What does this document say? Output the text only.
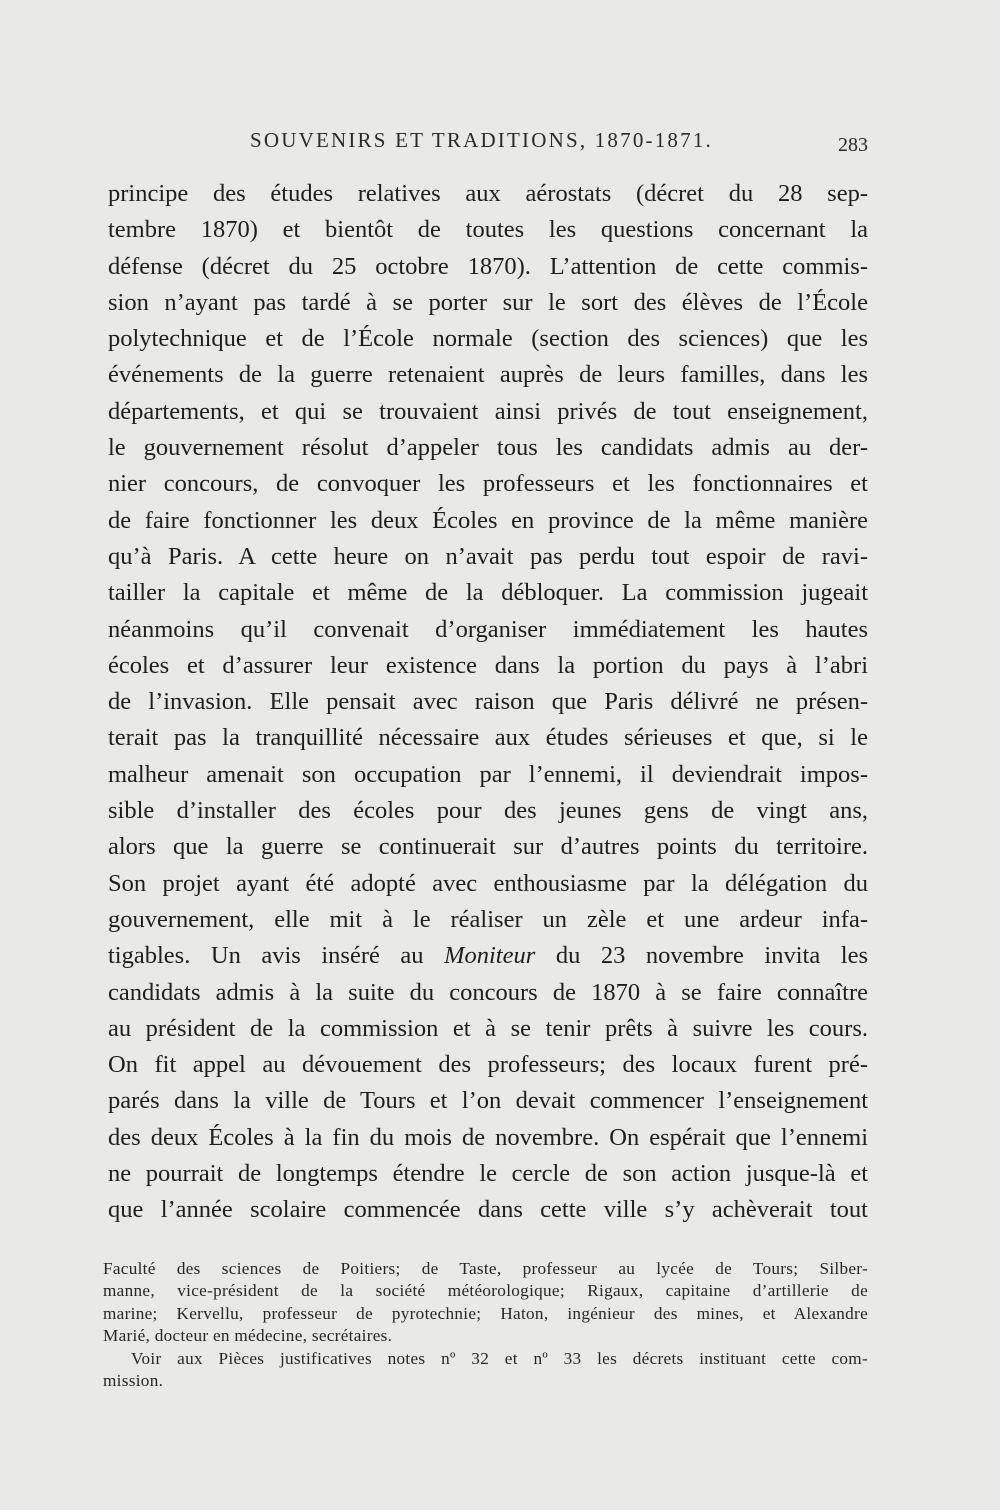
SOUVENIRS ET TRADITIONS, 1870-1871.	283
principe des études relatives aux aérostats (décret du 28 sep-
tembre 1870) et bientôt de toutes les questions concernant la
défense (décret du 25 octobre 1870). L’attention de cette commis-
sion n’ayant pas tardé à se porter sur le sort des élèves de l’École
polytechnique et de l’École normale (section des sciences) que les
événements de la guerre retenaient auprès de leurs familles, dans les
départements, et qui se trouvaient ainsi privés de tout enseignement,
le gouvernement résolut d’appeler tous les candidats admis au der-
nier concours, de convoquer les professeurs et les fonctionnaires et
de faire fonctionner les deux Écoles en province de la même manière
qu’à Paris. A cette heure on n’avait pas perdu tout espoir de ravi-
tailler la capitale et même de la débloquer. La commission jugeait
néanmoins qu’il convenait d’organiser immédiatement les hautes
écoles et d’assurer leur existence dans la portion du pays à l’abri
de l’invasion. Elle pensait avec raison que Paris délivré ne présen-
terait pas la tranquillité nécessaire aux études sérieuses et que, si le
malheur amenait son occupation par l’ennemi, il deviendrait impos-
sible d’installer des écoles pour des jeunes gens de vingt ans,
alors que la guerre se continuerait sur d’autres points du territoire.
Son projet ayant été adopté avec enthousiasme par la délégation du
gouvernement, elle mit à le réaliser un zèle et une ardeur infa-
tigables. Un avis inséré au Moniteur du 23 novembre invita les
candidats admis à la suite du concours de 1870 à se faire connaître
au président de la commission et à se tenir prêts à suivre les cours.
On fit appel au dévouement des professeurs; des locaux furent pré-
parés dans la ville de Tours et l’on devait commencer l’enseignement
des deux Écoles à la fin du mois de novembre. On espérait que l’ennemi
ne pourrait de longtemps étendre le cercle de son action jusque-là et
que l’année scolaire commencée dans cette ville s’y achèverait tout
Faculté des sciences de Poitiers; de Taste, professeur au lycée de Tours; Silber-
manne, vice-président de la société météorologique; Rigaux, capitaine d’artillerie de
marine; Kervellu, professeur de pyrotechnie; Haton, ingénieur des mines, et Alexandre
Marié, docteur en médecine, secrétaires.
Voir aux Pièces justificatives notes nº 32 et nº 33 les décrets instituant cette com-
mission.
